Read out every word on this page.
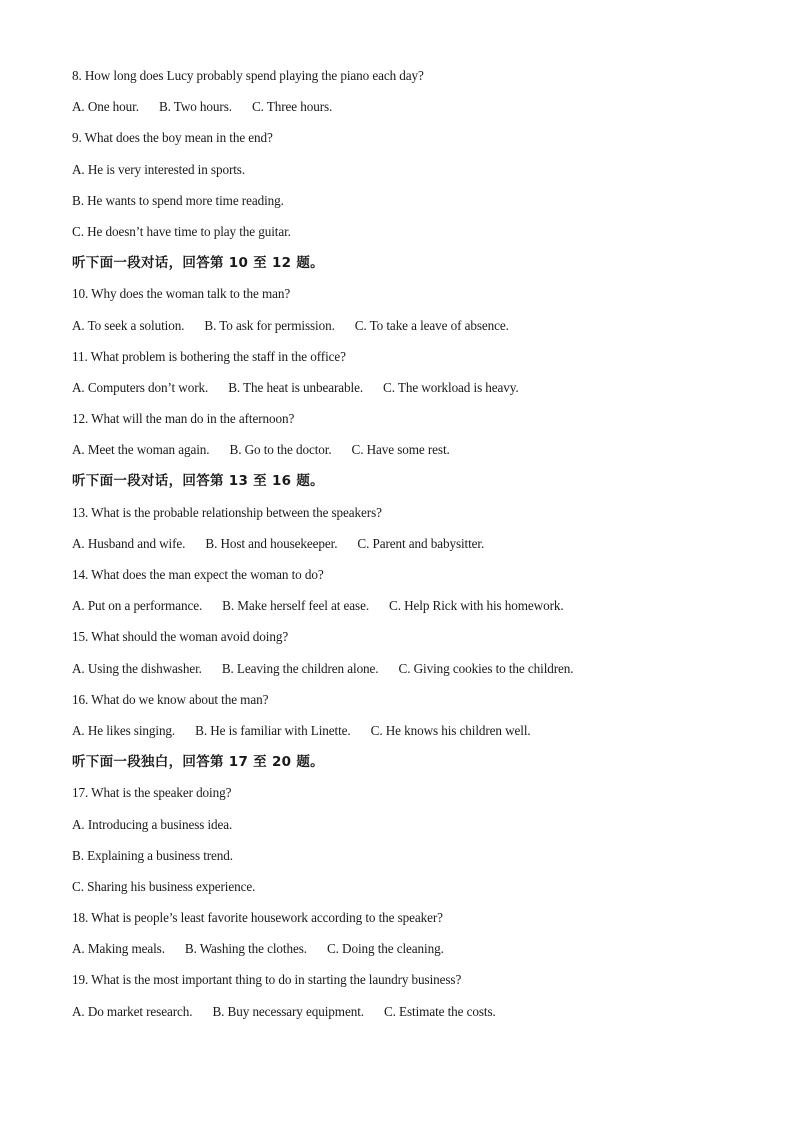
8. How long does Lucy probably spend playing the piano each day?
A. One hour. B. Two hours. C. Three hours.
9. What does the boy mean in the end?
A. He is very interested in sports.
B. He wants to spend more time reading.
C. He doesn’t have time to play the guitar.
听下面一段对话，回答第 10 至 12 题。
10. Why does the woman talk to the man?
A. To seek a solution. B. To ask for permission. C. To take a leave of absence.
11. What problem is bothering the staff in the office?
A. Computers don’t work. B. The heat is unbearable. C. The workload is heavy.
12. What will the man do in the afternoon?
A. Meet the woman again. B. Go to the doctor. C. Have some rest.
听下面一段对话，回答第 13 至 16 题。
13. What is the probable relationship between the speakers?
A. Husband and wife. B. Host and housekeeper. C. Parent and babysitter.
14. What does the man expect the woman to do?
A. Put on a performance. B. Make herself feel at ease. C. Help Rick with his homework.
15. What should the woman avoid doing?
A. Using the dishwasher. B. Leaving the children alone. C. Giving cookies to the children.
16. What do we know about the man?
A. He likes singing. B. He is familiar with Linette. C. He knows his children well.
听下面一段独白，回答第 17 至 20 题。
17. What is the speaker doing?
A. Introducing a business idea.
B. Explaining a business trend.
C. Sharing his business experience.
18. What is people’s least favorite housework according to the speaker?
A. Making meals. B. Washing the clothes. C. Doing the cleaning.
19. What is the most important thing to do in starting the laundry business?
A. Do market research. B. Buy necessary equipment. C. Estimate the costs.
